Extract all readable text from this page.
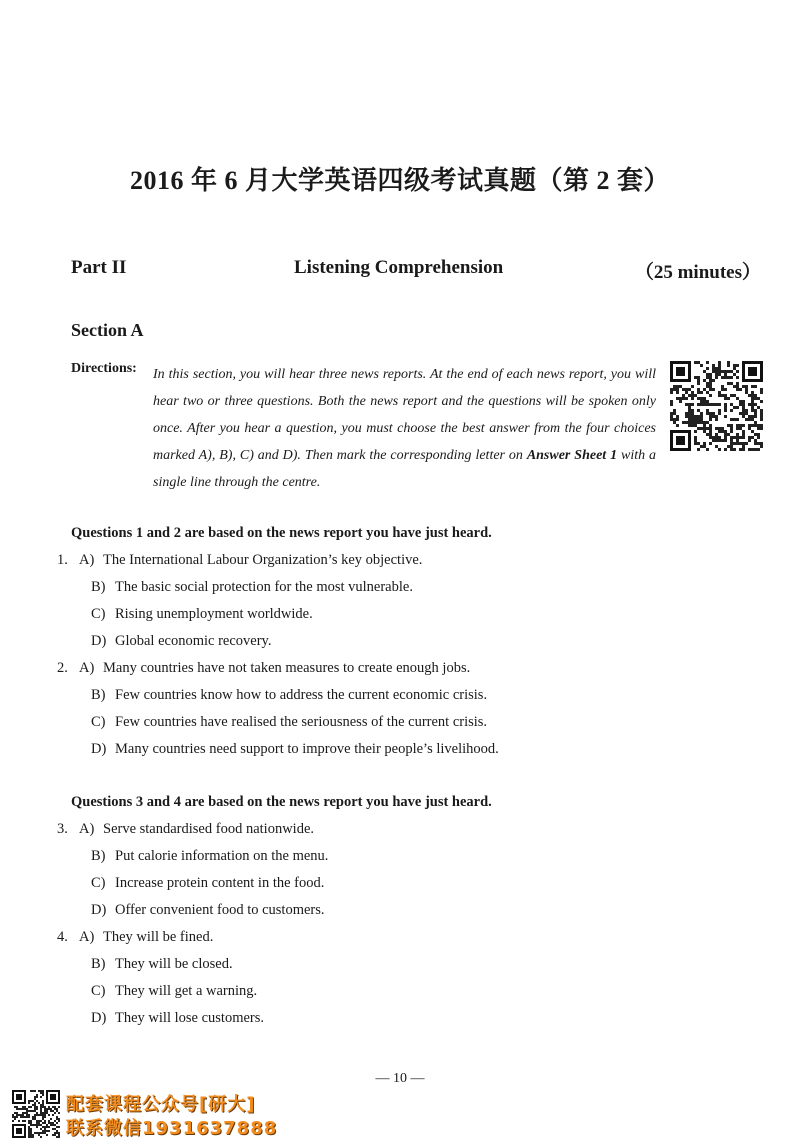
2016 年 6 月大学英语四级考试真题（第 2 套）
Part II	Listening Comprehension	（25 minutes）
Section A
Directions: In this section, you will hear three news reports. At the end of each news report, you will hear two or three questions. Both the news report and the questions will be spoken only once. After you hear a question, you must choose the best answer from the four choices marked A), B), C) and D). Then mark the corresponding letter on Answer Sheet 1 with a single line through the centre.
Questions 1 and 2 are based on the news report you have just heard.
1. A) The International Labour Organization’s key objective.
B) The basic social protection for the most vulnerable.
C) Rising unemployment worldwide.
D) Global economic recovery.
2. A) Many countries have not taken measures to create enough jobs.
B) Few countries know how to address the current economic crisis.
C) Few countries have realised the seriousness of the current crisis.
D) Many countries need support to improve their people’s livelihood.
Questions 3 and 4 are based on the news report you have just heard.
3. A) Serve standardised food nationwide.
B) Put calorie information on the menu.
C) Increase protein content in the food.
D) Offer convenient food to customers.
4. A) They will be fined.
B) They will be closed.
C) They will get a warning.
D) They will lose customers.
— 10 —
配套课程公众号[研大]
联系微信1931637888
